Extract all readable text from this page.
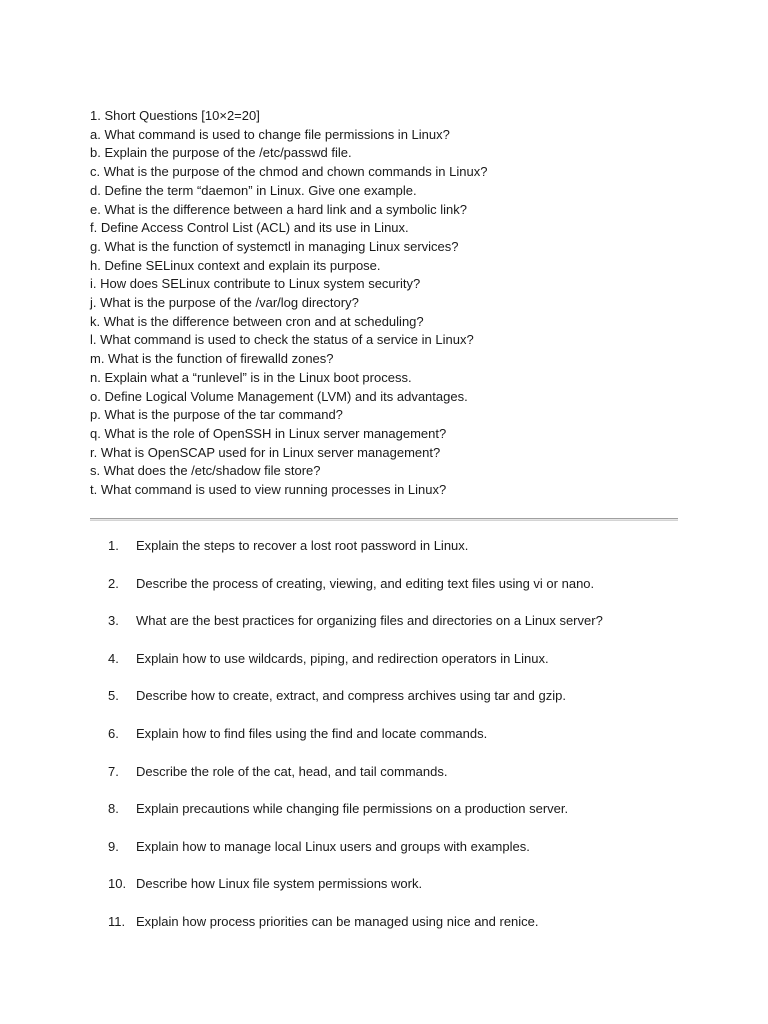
1. Short Questions [10×2=20]
a. What command is used to change file permissions in Linux?
b. Explain the purpose of the /etc/passwd file.
c. What is the purpose of the chmod and chown commands in Linux?
d. Define the term “daemon” in Linux. Give one example.
e. What is the difference between a hard link and a symbolic link?
f. Define Access Control List (ACL) and its use in Linux.
g. What is the function of systemctl in managing Linux services?
h. Define SELinux context and explain its purpose.
i. How does SELinux contribute to Linux system security?
j. What is the purpose of the /var/log directory?
k. What is the difference between cron and at scheduling?
l. What command is used to check the status of a service in Linux?
m. What is the function of firewalld zones?
n. Explain what a “runlevel” is in the Linux boot process.
o. Define Logical Volume Management (LVM) and its advantages.
p. What is the purpose of the tar command?
q. What is the role of OpenSSH in Linux server management?
r. What is OpenSCAP used for in Linux server management?
s. What does the /etc/shadow file store?
t. What command is used to view running processes in Linux?
1.	Explain the steps to recover a lost root password in Linux.
2.	Describe the process of creating, viewing, and editing text files using vi or nano.
3.	What are the best practices for organizing files and directories on a Linux server?
4.	Explain how to use wildcards, piping, and redirection operators in Linux.
5.	Describe how to create, extract, and compress archives using tar and gzip.
6.	Explain how to find files using the find and locate commands.
7.	Describe the role of the cat, head, and tail commands.
8.	Explain precautions while changing file permissions on a production server.
9.	Explain how to manage local Linux users and groups with examples.
10. Describe how Linux file system permissions work.
11. Explain how process priorities can be managed using nice and renice.
